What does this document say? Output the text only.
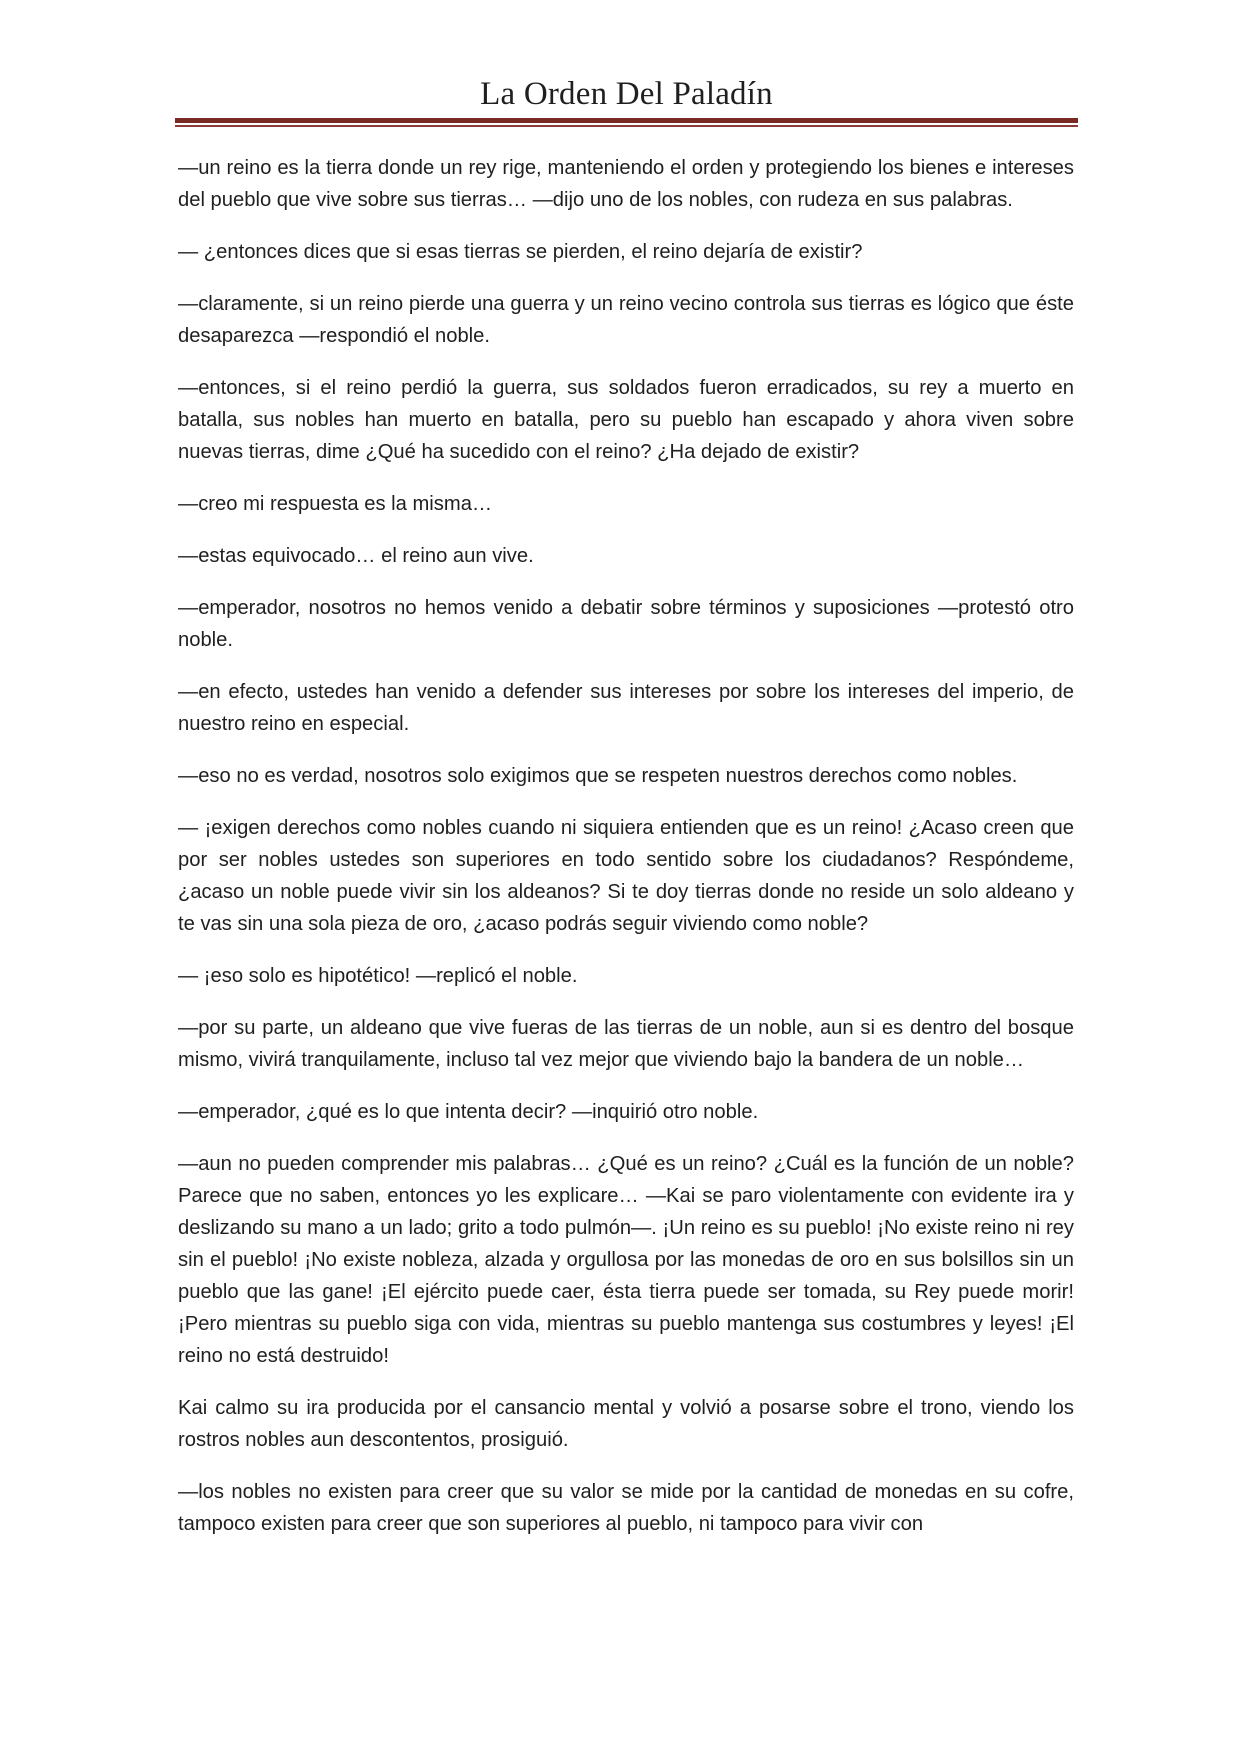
La Orden Del Paladín

—un reino es la tierra donde un rey rige, manteniendo el orden y protegiendo los bienes e intereses del pueblo que vive sobre sus tierras… —dijo uno de los nobles, con rudeza en sus palabras.

— ¿entonces dices que si esas tierras se pierden, el reino dejaría de existir?

—claramente, si un reino pierde una guerra y un reino vecino controla sus tierras es lógico que éste desaparezca —respondió el noble.

—entonces, si el reino perdió la guerra, sus soldados fueron erradicados, su rey a muerto en batalla, sus nobles han muerto en batalla, pero su pueblo han escapado y ahora viven sobre nuevas tierras, dime ¿Qué ha sucedido con el reino? ¿Ha dejado de existir?

—creo mi respuesta es la misma…

—estas equivocado… el reino aun vive.

—emperador, nosotros no hemos venido a debatir sobre términos y suposiciones —protestó otro noble.

—en efecto, ustedes han venido a defender sus intereses por sobre los intereses del imperio, de nuestro reino en especial.

—eso no es verdad, nosotros solo exigimos que se respeten nuestros derechos como nobles.

— ¡exigen derechos como nobles cuando ni siquiera entienden que es un reino! ¿Acaso creen que por ser nobles ustedes son superiores en todo sentido sobre los ciudadanos? Respóndeme, ¿acaso un noble puede vivir sin los aldeanos? Si te doy tierras donde no reside un solo aldeano y te vas sin una sola pieza de oro, ¿acaso podrás seguir viviendo como noble?

— ¡eso solo es hipotético! —replicó el noble.

—por su parte, un aldeano que vive fueras de las tierras de un noble, aun si es dentro del bosque mismo, vivirá tranquilamente, incluso tal vez mejor que viviendo bajo la bandera de un noble…

—emperador, ¿qué es lo que intenta decir? —inquirió otro noble.

—aun no pueden comprender mis palabras… ¿Qué es un reino? ¿Cuál es la función de un noble? Parece que no saben, entonces yo les explicare… —Kai se paro violentamente con evidente ira y deslizando su mano a un lado; grito a todo pulmón—. ¡Un reino es su pueblo! ¡No existe reino ni rey sin el pueblo! ¡No existe nobleza, alzada y orgullosa por las monedas de oro en sus bolsillos sin un pueblo que las gane! ¡El ejército puede caer, ésta tierra puede ser tomada, su Rey puede morir! ¡Pero mientras su pueblo siga con vida, mientras su pueblo mantenga sus costumbres y leyes! ¡El reino no está destruido!

Kai calmo su ira producida por el cansancio mental y volvió a posarse sobre el trono, viendo los rostros nobles aun descontentos, prosiguió.

—los nobles no existen para creer que su valor se mide por la cantidad de monedas en su cofre, tampoco existen para creer que son superiores al pueblo, ni tampoco para vivir con
